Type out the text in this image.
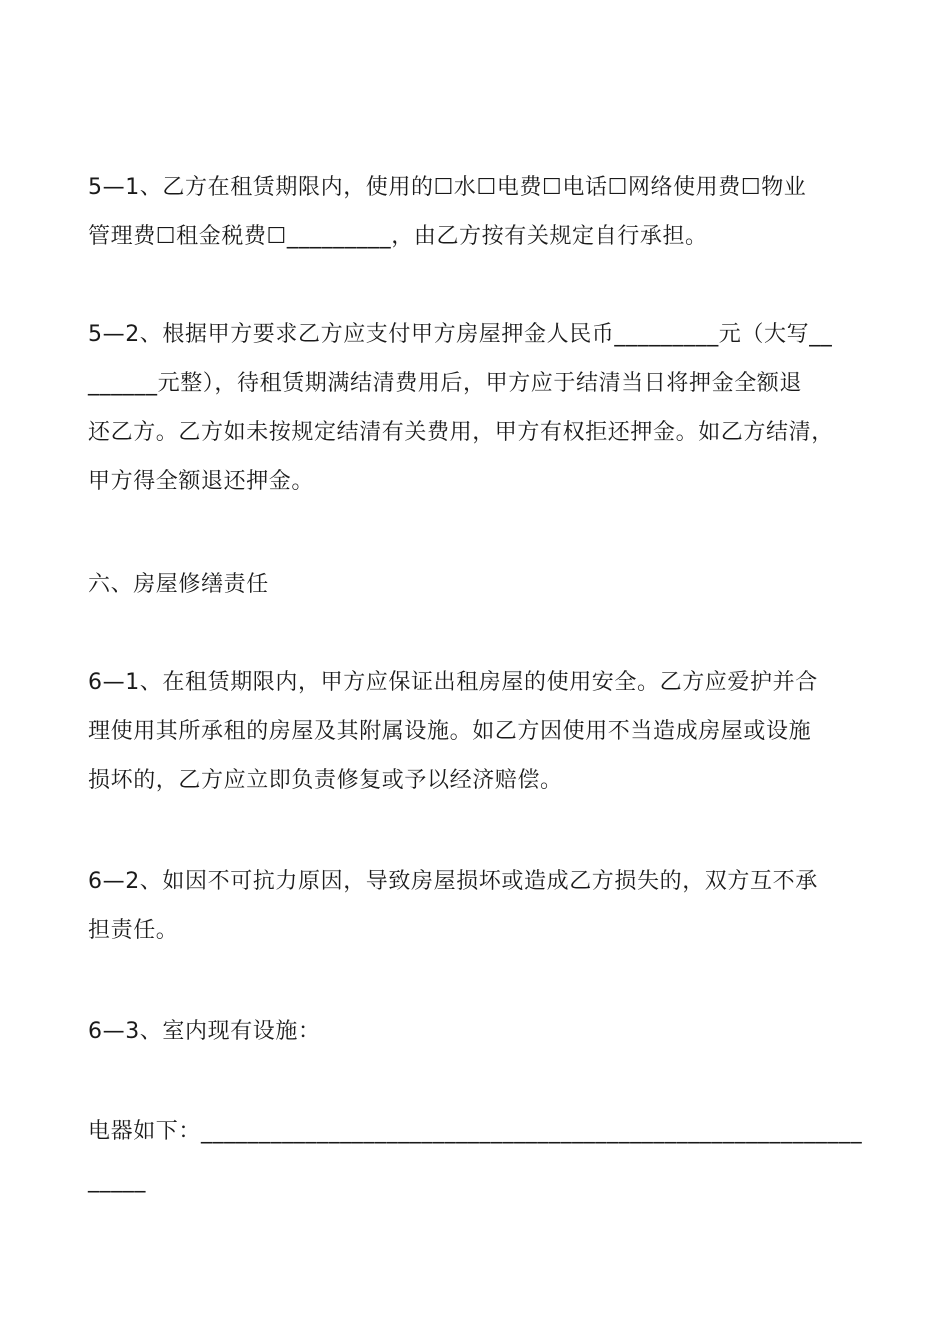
5—1、乙方在租赁期限内，使用的☐水☐电费☐电话☐网络使用费☐物业
管理费☐租金税费☐_________，由乙方按有关规定自行承担。
5—2、根据甲方要求乙方应支付甲方房屋押金人民币_________元（大写__
______元整），待租赁期满结清费用后，甲方应于结清当日将押金全额退
还乙方。乙方如未按规定结清有关费用，甲方有权拒还押金。如乙方结清，
甲方得全额退还押金。
六、房屋修缮责任
6—1、在租赁期限内，甲方应保证出租房屋的使用安全。乙方应爱护并合
理使用其所承租的房屋及其附属设施。如乙方因使用不当造成房屋或设施
损坏的，乙方应立即负责修复或予以经济赔偿。
6—2、如因不可抗力原因，导致房屋损坏或造成乙方损失的，双方互不承
担责任。
6—3、室内现有设施：
电器如下：_________________________________________________________
_____
